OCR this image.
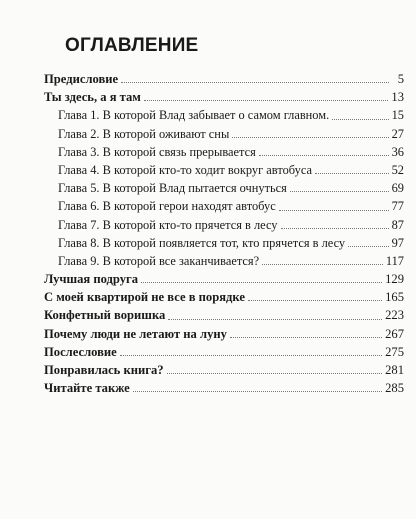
ОГЛАВЛЕНИЕ
Предисловие	5
Ты здесь, а я там	13
Глава 1. В которой Влад забывает о самом главном.	15
Глава 2. В которой оживают сны	27
Глава 3. В которой связь прерывается	36
Глава 4. В которой кто-то ходит вокруг автобуса	52
Глава 5. В которой Влад пытается очнуться	69
Глава 6. В которой герои находят автобус	77
Глава 7. В которой кто-то прячется в лесу	87
Глава 8. В которой появляется тот, кто прячется в лесу	97
Глава 9. В которой все заканчивается?	117
Лучшая подруга	129
С моей квартирой не все в порядке	165
Конфетный воришка	223
Почему люди не летают на луну	267
Послесловие	275
Понравилась книга?	281
Читайте также	285
